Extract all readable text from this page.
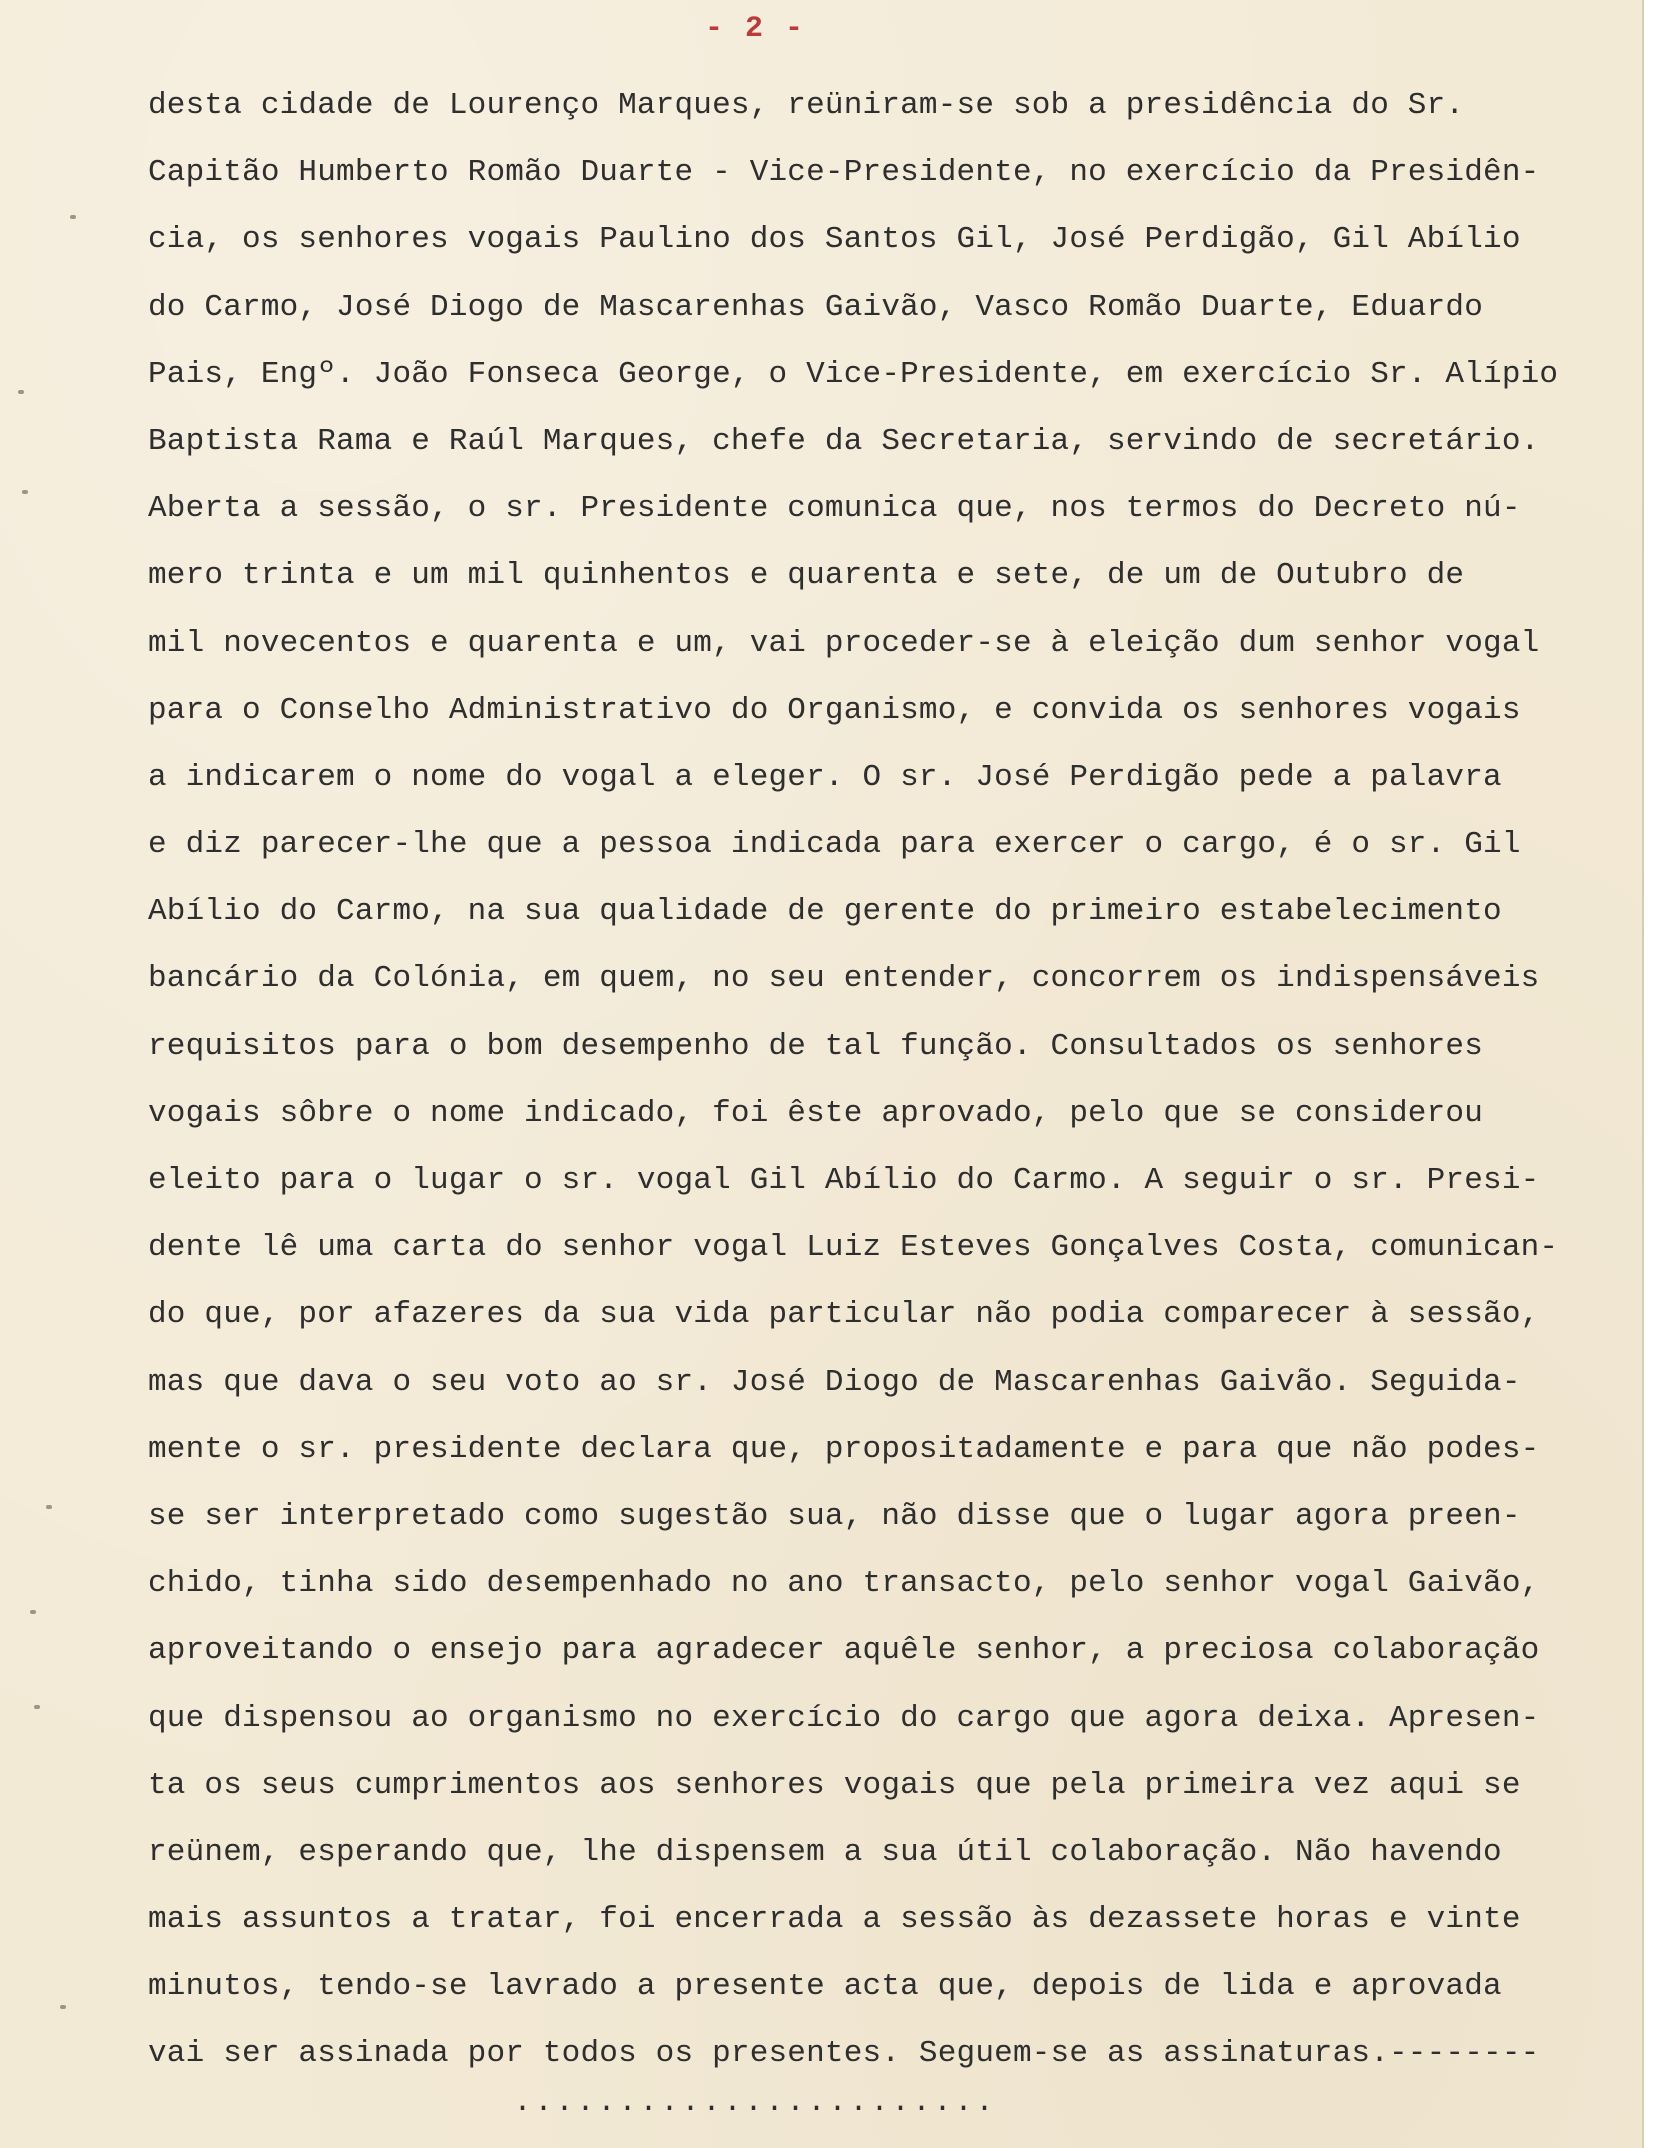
- 2 -
desta cidade de Lourenço Marques, reüniram-se sob a presidência do Sr.
Capitão Humberto Romão Duarte - Vice-Presidente, no exercício da Presidên-
cia, os senhores vogais Paulino dos Santos Gil, José Perdigão, Gil Abílio
do Carmo, José Diogo de Mascarenhas Gaivão, Vasco Romão Duarte, Eduardo
Pais, Engº. João Fonseca George, o Vice-Presidente, em exercício Sr. Alípio
Baptista Rama e Raúl Marques, chefe da Secretaria, servindo de secretário.
Aberta a sessão, o sr. Presidente comunica que, nos termos do Decreto nú-
mero trinta e um mil quinhentos e quarenta e sete, de um de Outubro de
mil novecentos e quarenta e um, vai proceder-se à eleição dum senhor vogal
para o Conselho Administrativo do Organismo, e convida os senhores vogais
a indicarem o nome do vogal a eleger. O sr. José Perdigão pede a palavra
e diz parecer-lhe que a pessoa indicada para exercer o cargo, é o sr. Gil
Abílio do Carmo, na sua qualidade de gerente do primeiro estabelecimento
bancário da Colónia, em quem, no seu entender, concorrem os indispensáveis
requisitos para o bom desempenho de tal função. Consultados os senhores
vogais sôbre o nome indicado, foi êste aprovado, pelo que se considerou
eleito para o lugar o sr. vogal Gil Abílio do Carmo. A seguir o sr. Presi-
dente lê uma carta do senhor vogal Luiz Esteves Gonçalves Costa, comunican-
do que, por afazeres da sua vida particular não podia comparecer à sessão,
mas que dava o seu voto ao sr. José Diogo de Mascarenhas Gaivão. Seguida-
mente o sr. presidente declara que, propositadamente e para que não podes-
se ser interpretado como sugestão sua, não disse que o lugar agora preen-
chido, tinha sido desempenhado no ano transacto, pelo senhor vogal Gaivão,
aproveitando o ensejo para agradecer aquêle senhor, a preciosa colaboração
que dispensou ao organismo no exercício do cargo que agora deixa. Apresen-
ta os seus cumprimentos aos senhores vogais que pela primeira vez aqui se
reünem, esperando que, lhe dispensem a sua útil colaboração. Não havendo
mais assuntos a tratar, foi encerrada a sessão às dezassete horas e vinte
minutos, tendo-se lavrado a presente acta que, depois de lida e aprovada
vai ser assinada por todos os presentes. Seguem-se as assinaturas.--------
.......................
